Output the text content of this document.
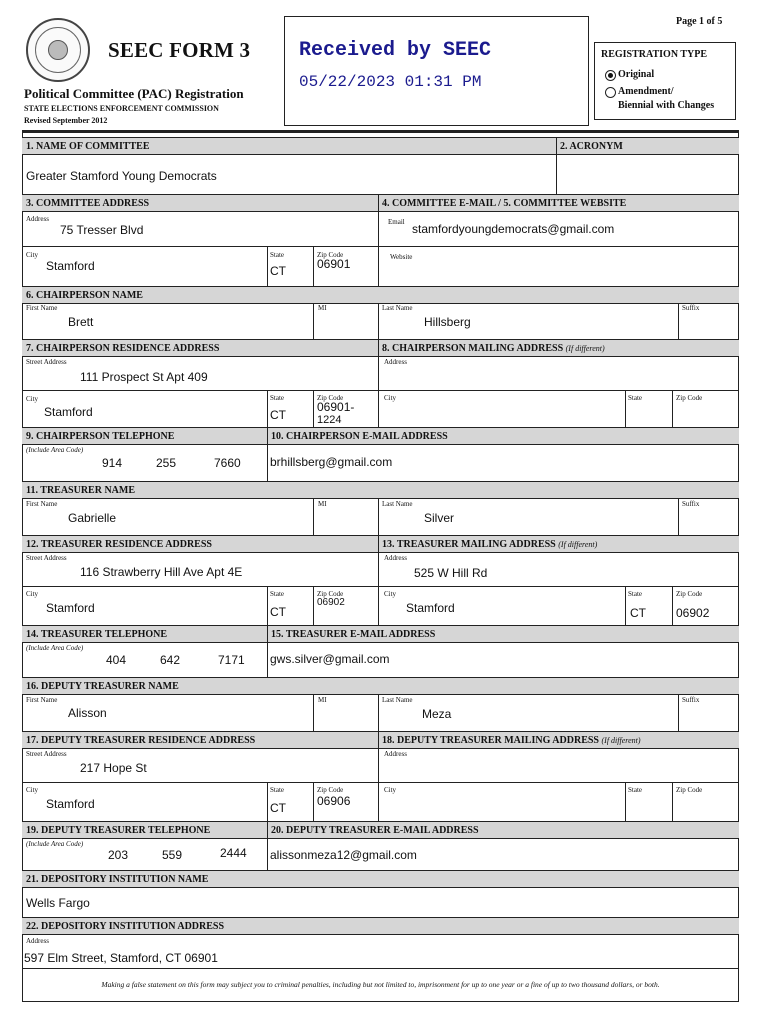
Page 1 of 5
SEEC FORM 3
Political Committee (PAC) Registration
STATE ELECTIONS ENFORCEMENT COMMISSION
Revised September 2012
Received by SEEC
05/22/2023 01:31 PM
REGISTRATION TYPE
Original
Amendment/
Biennial with Changes
1. NAME OF COMMITTEE	2. ACRONYM
Greater Stamford Young Democrats
3. COMMITTEE ADDRESS	4. COMMITTEE E-MAIL / 5. COMMITTEE WEBSITE
Address
75 Tresser Blvd
Email stamfordyoungdemocrats@gmail.com
City
Stamford
State
CT
Zip Code
06901	Website
6. CHAIRPERSON NAME
First Name
Brett
MI	Last Name
Hillsberg
Suffix
7. CHAIRPERSON RESIDENCE ADDRESS	8. CHAIRPERSON MAILING ADDRESS (If different)
Street Address
111 Prospect St Apt 409
Address
City
Stamford
State
CT
Zip Code
06901-
1224
City	State	Zip Code
9. CHAIRPERSON TELEPHONE	10. CHAIRPERSON E-MAIL ADDRESS
(Include Area Code)
914	255	7660 brhillsberg@gmail.com
11. TREASURER NAME
First Name
Gabrielle
MI	Last Name
Silver
Suffix
12. TREASURER RESIDENCE ADDRESS	13. TREASURER MAILING ADDRESS (If different)
Street Address
116 Strawberry Hill Ave Apt 4E
Address
525 W Hill Rd
City
Stamford
State
CT
Zip Code
06902
City
Stamford
State
CT
Zip Code
06902
14. TREASURER TELEPHONE	15. TREASURER E-MAIL ADDRESS
(Include Area Code)
404	642	7171 gws.silver@gmail.com
16. DEPUTY TREASURER NAME
First Name
Alisson
MI	Last Name
Meza
Suffix
17. DEPUTY TREASURER RESIDENCE ADDRESS	18. DEPUTY TREASURER MAILING ADDRESS (If different)
Street Address
217 Hope St
Address
City
Stamford
State
CT
Zip Code
06906
City	State	Zip Code
19. DEPUTY TREASURER TELEPHONE	20. DEPUTY TREASURER E-MAIL ADDRESS
(Include Area Code)
203	559	2444 alissonmeza12@gmail.com
21. DEPOSITORY INSTITUTION NAME
Wells Fargo
22. DEPOSITORY INSTITUTION ADDRESS
Address
597 Elm Street, Stamford, CT 06901
Making a false statement on this form may subject you to criminal penalties, including but not limited to, imprisonment for up to one year or a fine of up to two thousand dollars, or both.
